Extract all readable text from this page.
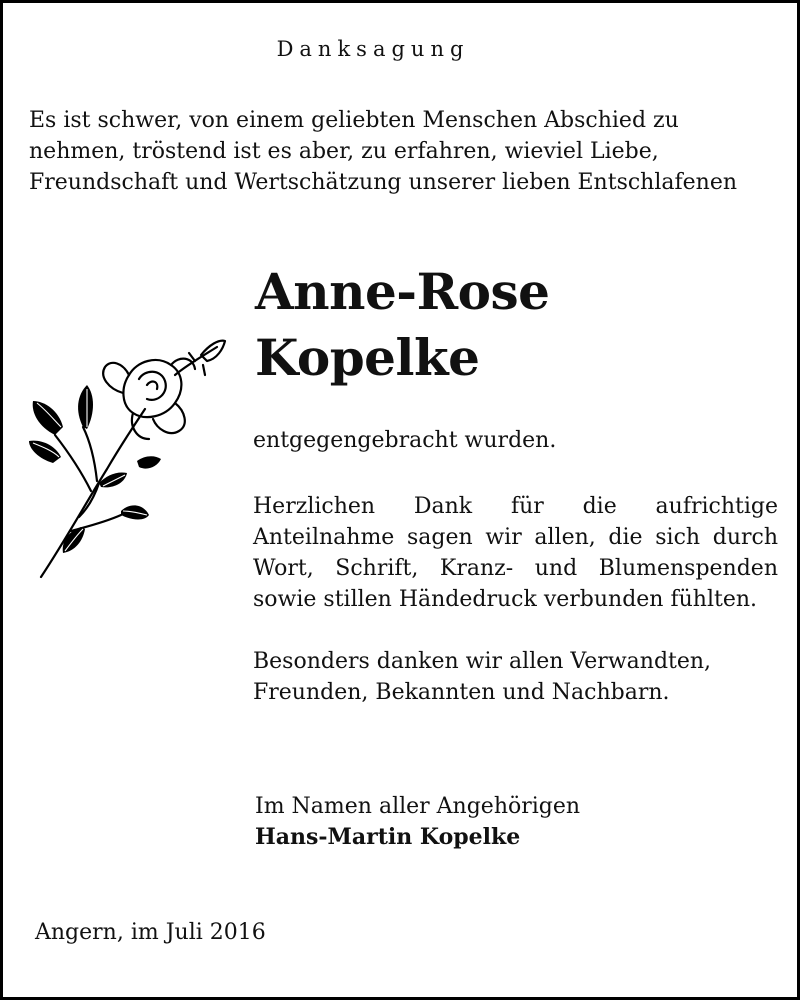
Danksagung

Es ist schwer, von einem geliebten Menschen Abschied zu nehmen, tröstend ist es aber, zu erfahren, wieviel Liebe, Freundschaft und Wertschätzung unserer lieben Entschlafenen

Anne-Rose
Kopelke

entgegengebracht wurden.

Herzlichen Dank für die aufrichtige Anteilnahme sagen wir allen, die sich durch Wort, Schrift, Kranz- und Blumenspenden sowie stillen Händedruck verbunden fühlten.

Besonders danken wir allen Verwandten, Freunden, Bekannten und Nachbarn.

Im Namen aller Angehörigen
Hans-Martin Kopelke

Angern, im Juli 2016
